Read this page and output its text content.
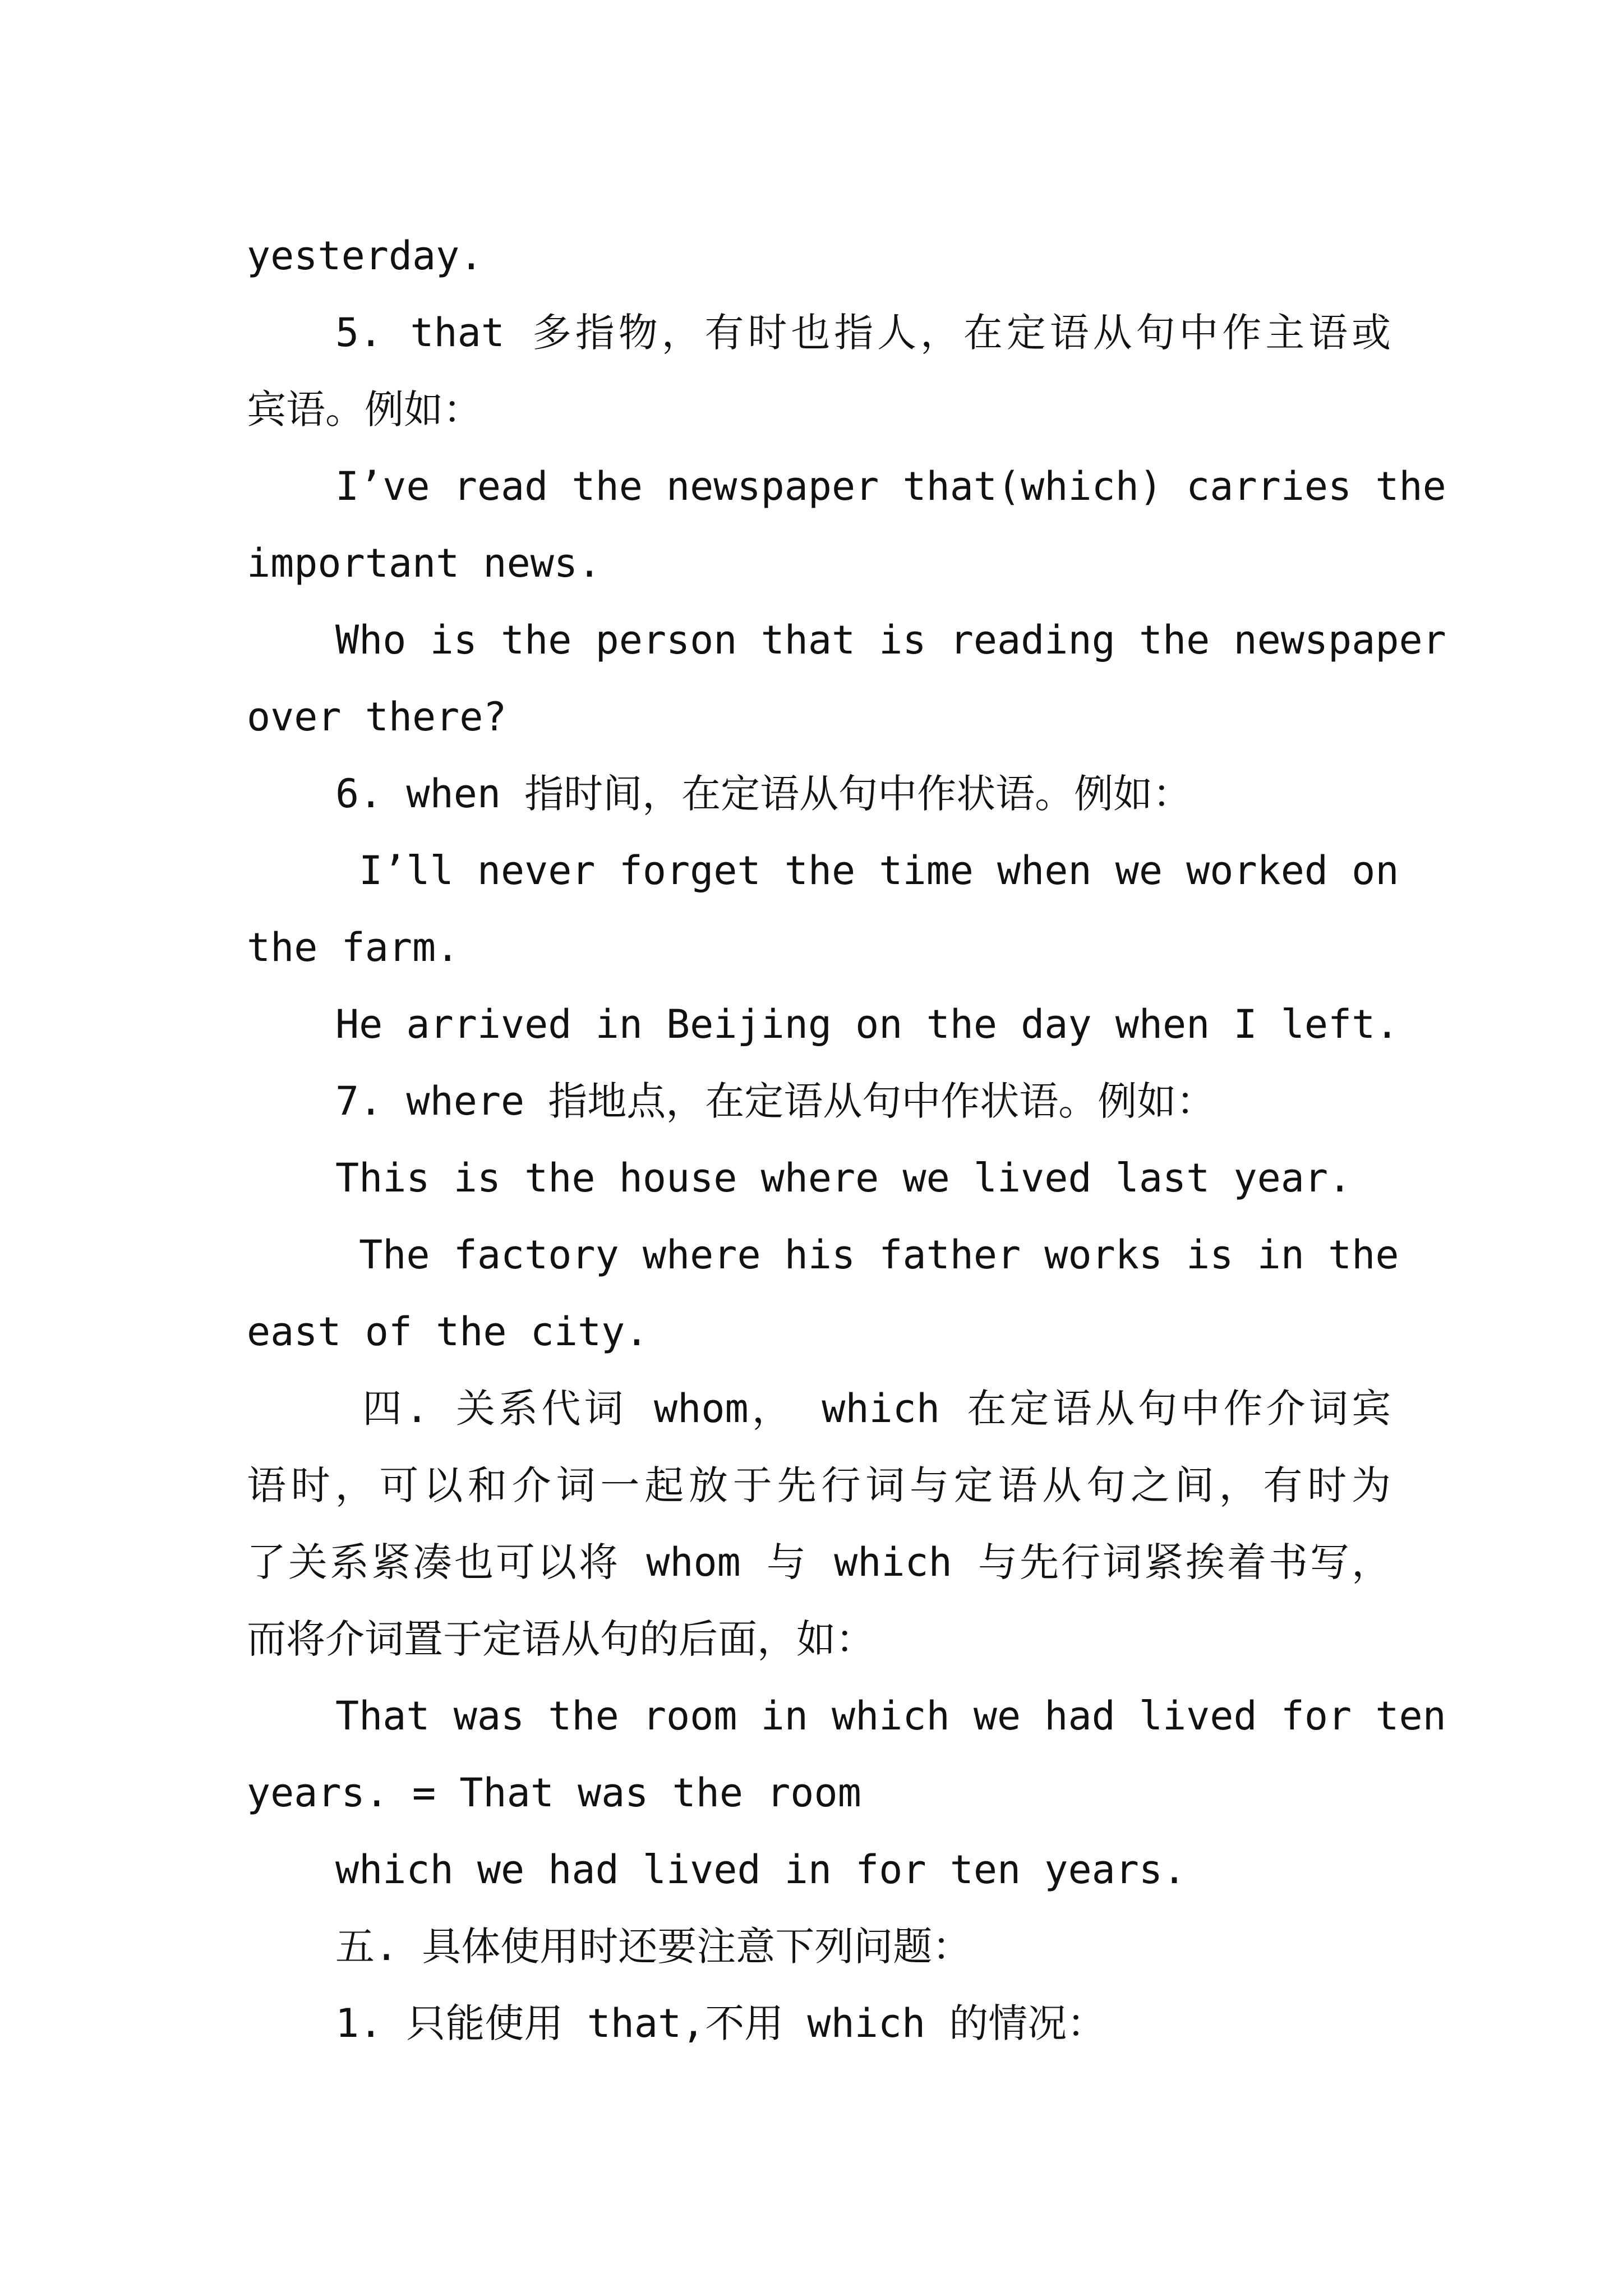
yesterday.
5. that 多指物，有时也指人，在定语从句中作主语或
宾语。例如：
I’ve read the newspaper that(which) carries the
important news.
Who is the person that is reading the newspaper
over there?
6. when 指时间，在定语从句中作状语。例如：
I’ll never forget the time when we worked on
the farm.
He arrived in Beijing on the day when I left.
7. where 指地点，在定语从句中作状语。例如：
This is the house where we lived last year.
The factory where his father works is in the
east of the city.
四. 关系代词 whom， which 在定语从句中作介词宾
语时，可以和介词一起放于先行词与定语从句之间，有时为
了关系紧凑也可以将 whom 与 which 与先行词紧挨着书写，
而将介词置于定语从句的后面，如：
That was the room in which we had lived for ten
years. = That was the room
which we had lived in for ten years.
五. 具体使用时还要注意下列问题：
1. 只能使用 that,不用 which 的情况：
